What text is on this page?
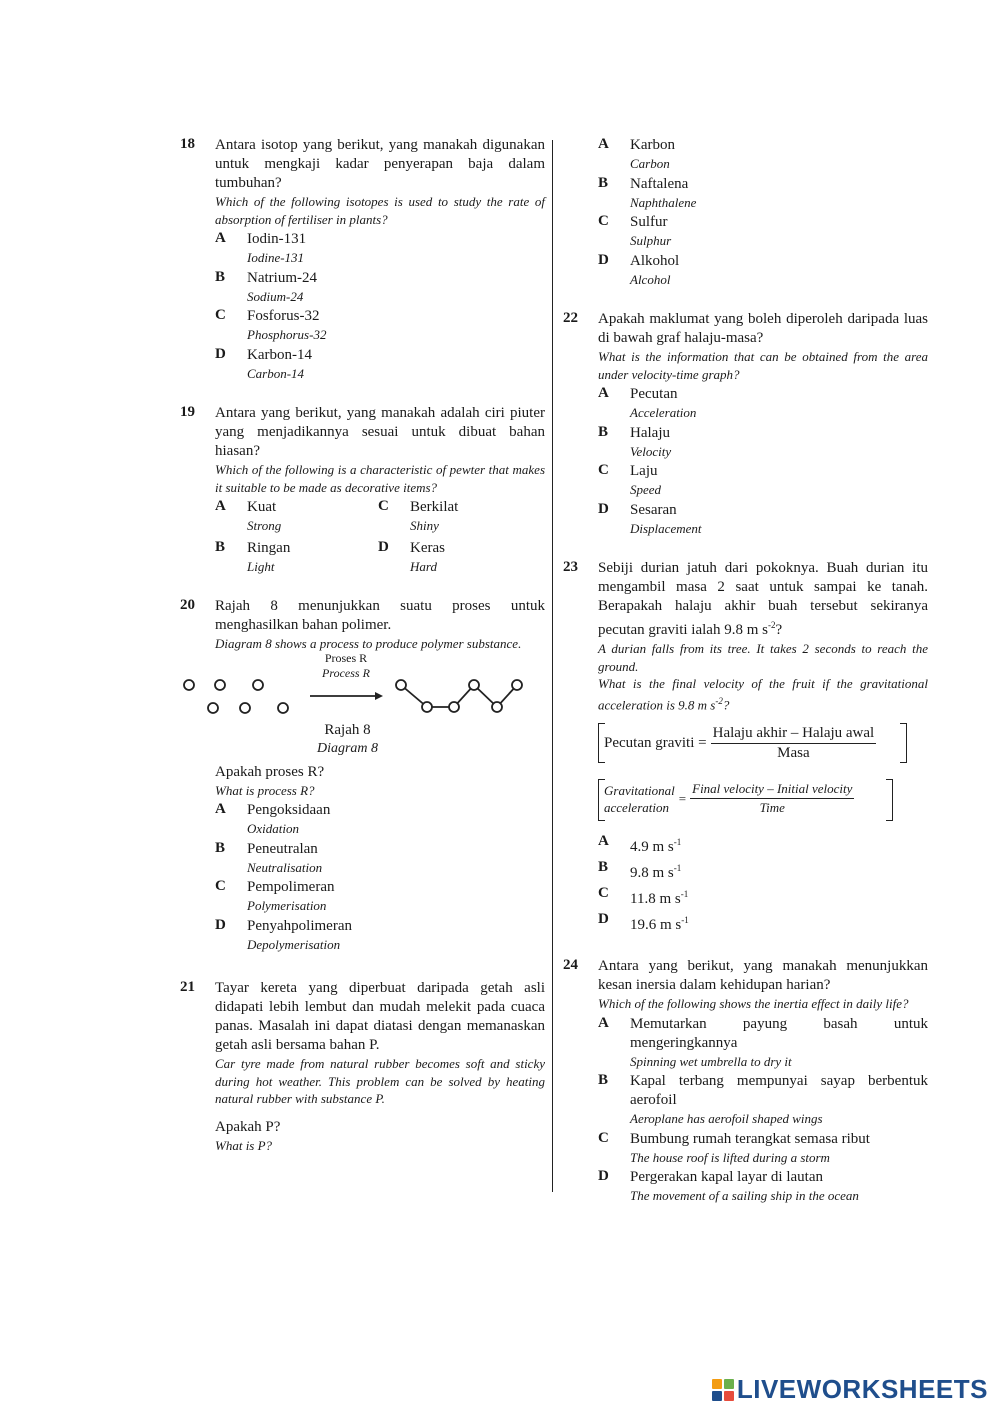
18 Antara isotop yang berikut, yang manakah digunakan untuk mengkaji kadar penyerapan baja dalam tumbuhan?
Which of the following isotopes is used to study the rate of absorption of fertiliser in plants?
A Iodin-131
Iodine-131
B Natrium-24
Sodium-24
C Fosforus-32
Phosphorus-32
D Karbon-14
Carbon-14
19 Antara yang berikut, yang manakah adalah ciri piuter yang menjadikannya sesuai untuk dibuat bahan hiasan?
Which of the following is a characteristic of pewter that makes it suitable to be made as decorative items?
A Kuat
Strong
C Berkilat
Shiny
B Ringan
Light
D Keras
Hard
20 Rajah 8 menunjukkan suatu proses untuk menghasilkan bahan polimer.
Diagram 8 shows a process to produce polymer substance.
Proses R
Process R
Rajah 8
Diagram 8
Apakah proses R?
What is process R?
A Pengoksidaan
Oxidation
B Peneutralan
Neutralisation
C Pempolimeran
Polymerisation
D Penyahpolimeran
Depolymerisation
21 Tayar kereta yang diperbuat daripada getah asli didapati lebih lembut dan mudah melekit pada cuaca panas. Masalah ini dapat diatasi dengan memanaskan getah asli bersama bahan P.
Car tyre made from natural rubber becomes soft and sticky during hot weather. This problem can be solved by heating natural rubber with substance P.
Apakah P?
What is P?
A Karbon
Carbon
B Naftalena
Naphthalene
C Sulfur
Sulphur
D Alkohol
Alcohol
22 Apakah maklumat yang boleh diperoleh daripada luas di bawah graf halaju-masa?
What is the information that can be obtained from the area under velocity-time graph?
A Pecutan
Acceleration
B Halaju
Velocity
C Laju
Speed
D Sesaran
Displacement
23 Sebiji durian jatuh dari pokoknya. Buah durian itu mengambil masa 2 saat untuk sampai ke tanah. Berapakah halaju akhir buah tersebut sekiranya pecutan graviti ialah 9.8 m $s^{-2}$?
A durian falls from its tree. It takes 2 seconds to reach the ground.
What is the final velocity of the fruit if the gravitational acceleration is 9.8 m $s^{-2}$?
Pecutan graviti = $\frac{\text{Halaju akhir – Halaju awal}}{\text{Masa}}$
Gravitational
acceleration
= $\frac{\text{Final velocity – Initial velocity}}{\text{Time}}$
A 4.9 m $s^{-1}$
B 9.8 m $s^{-1}$
C 11.8 m $s^{-1}$
D 19.6 m $s^{-1}$
24 Antara yang berikut, yang manakah menunjukkan kesan inersia dalam kehidupan harian?
Which of the following shows the inertia effect in daily life?
A Memutarkan payung basah untuk mengeringkannya
Spinning wet umbrella to dry it
B Kapal terbang mempunyai sayap berbentuk aerofoil
Aeroplane has aerofoil shaped wings
C Bumbung rumah terangkat semasa ribut
The house roof is lifted during a storm
D Pergerakan kapal layar di lautan
The movement of a sailing ship in the ocean
LIVEWORKSHEETS
